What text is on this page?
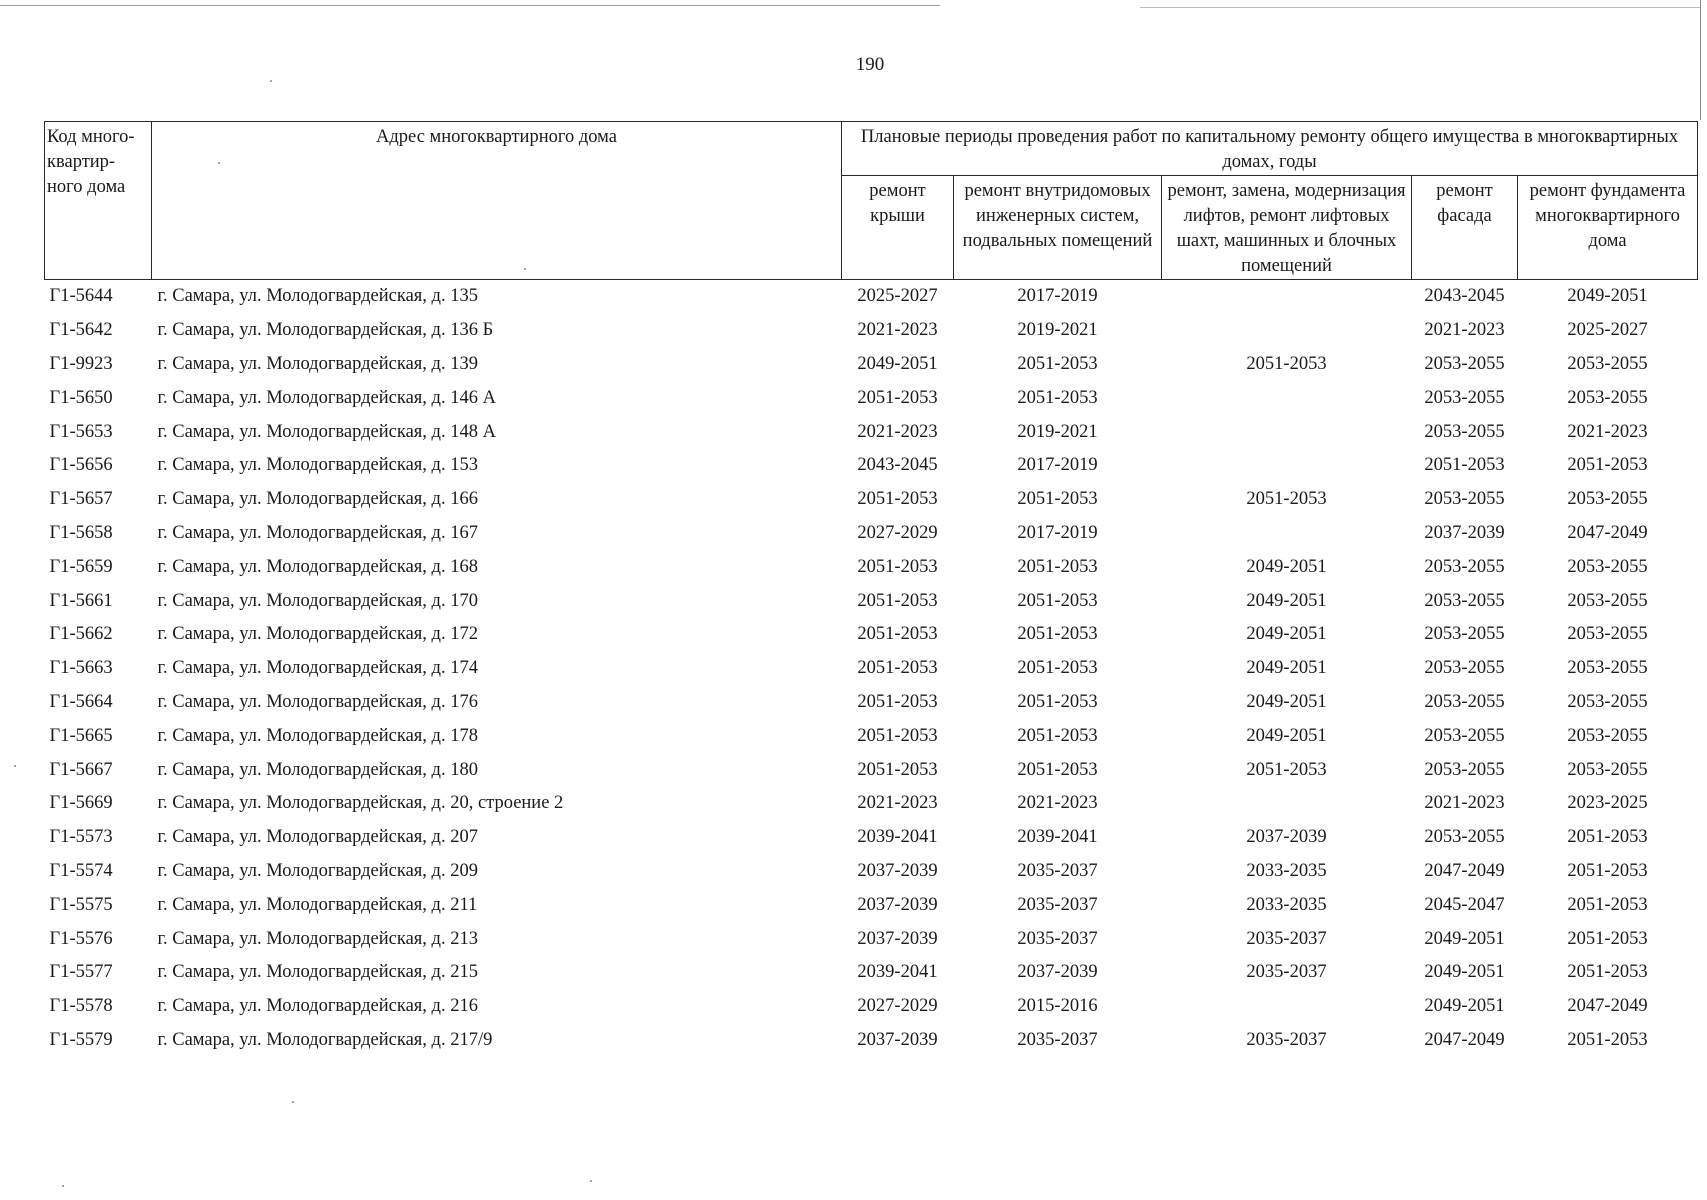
190
Код много-квартир-ного дома	Адрес многоквартирного дома	Плановые периоды проведения работ по капитальному ремонту общего имущества в многоквартирных домах, годы				
		ремонт крыши	ремонт внутридомовых инженерных систем, подвальных помещений	ремонт, замена, модернизация лифтов, ремонт лифтовых шахт, машинных и блочных помещений	ремонт фасада	ремонт фундамента многоквартирного дома
Г1-5644	г. Самара, ул. Молодогвардейская, д. 135	2025-2027	2017-2019		2043-2045	2049-2051
Г1-5642	г. Самара, ул. Молодогвардейская, д. 136 Б	2021-2023	2019-2021		2021-2023	2025-2027
Г1-9923	г. Самара, ул. Молодогвардейская, д. 139	2049-2051	2051-2053	2051-2053	2053-2055	2053-2055
Г1-5650	г. Самара, ул. Молодогвардейская, д. 146 А	2051-2053	2051-2053		2053-2055	2053-2055
Г1-5653	г. Самара, ул. Молодогвардейская, д. 148 А	2021-2023	2019-2021		2053-2055	2021-2023
Г1-5656	г. Самара, ул. Молодогвардейская, д. 153	2043-2045	2017-2019		2051-2053	2051-2053
Г1-5657	г. Самара, ул. Молодогвардейская, д. 166	2051-2053	2051-2053	2051-2053	2053-2055	2053-2055
Г1-5658	г. Самара, ул. Молодогвардейская, д. 167	2027-2029	2017-2019		2037-2039	2047-2049
Г1-5659	г. Самара, ул. Молодогвардейская, д. 168	2051-2053	2051-2053	2049-2051	2053-2055	2053-2055
Г1-5661	г. Самара, ул. Молодогвардейская, д. 170	2051-2053	2051-2053	2049-2051	2053-2055	2053-2055
Г1-5662	г. Самара, ул. Молодогвардейская, д. 172	2051-2053	2051-2053	2049-2051	2053-2055	2053-2055
Г1-5663	г. Самара, ул. Молодогвардейская, д. 174	2051-2053	2051-2053	2049-2051	2053-2055	2053-2055
Г1-5664	г. Самара, ул. Молодогвардейская, д. 176	2051-2053	2051-2053	2049-2051	2053-2055	2053-2055
Г1-5665	г. Самара, ул. Молодогвардейская, д. 178	2051-2053	2051-2053	2049-2051	2053-2055	2053-2055
Г1-5667	г. Самара, ул. Молодогвардейская, д. 180	2051-2053	2051-2053	2051-2053	2053-2055	2053-2055
Г1-5669	г. Самара, ул. Молодогвардейская, д. 20, строение 2	2021-2023	2021-2023		2021-2023	2023-2025
Г1-5573	г. Самара, ул. Молодогвардейская, д. 207	2039-2041	2039-2041	2037-2039	2053-2055	2051-2053
Г1-5574	г. Самара, ул. Молодогвардейская, д. 209	2037-2039	2035-2037	2033-2035	2047-2049	2051-2053
Г1-5575	г. Самара, ул. Молодогвардейская, д. 211	2037-2039	2035-2037	2033-2035	2045-2047	2051-2053
Г1-5576	г. Самара, ул. Молодогвардейская, д. 213	2037-2039	2035-2037	2035-2037	2049-2051	2051-2053
Г1-5577	г. Самара, ул. Молодогвардейская, д. 215	2039-2041	2037-2039	2035-2037	2049-2051	2051-2053
Г1-5578	г. Самара, ул. Молодогвардейская, д. 216	2027-2029	2015-2016		2049-2051	2047-2049
Г1-5579	г. Самара, ул. Молодогвардейская, д. 217/9	2037-2039	2035-2037	2035-2037	2047-2049	2051-2053
